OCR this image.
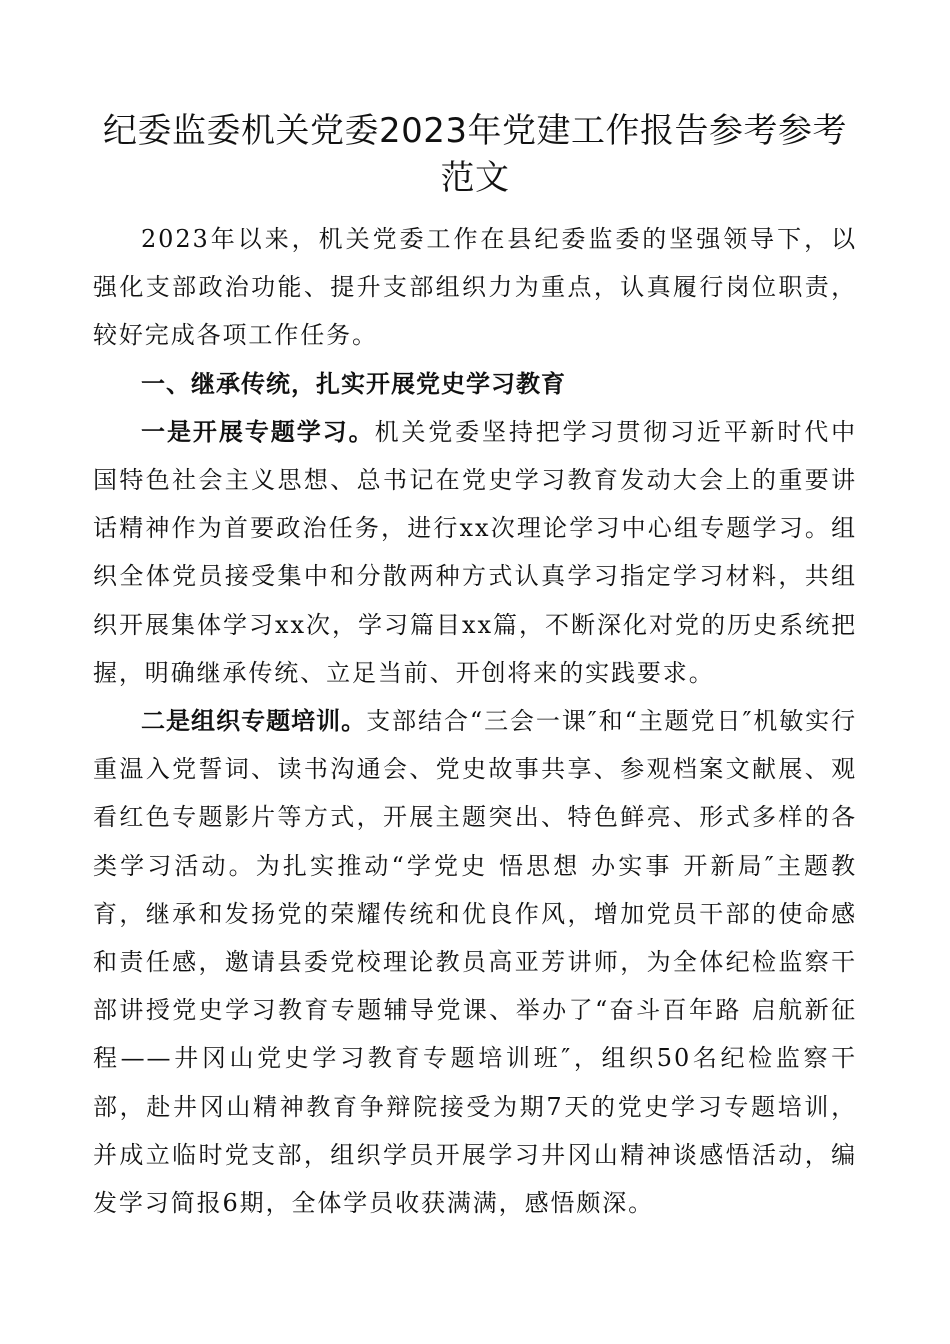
纪委监委机关党委2023年党建工作报告参考参考
范文

2023年以来，机关党委工作在县纪委监委的坚强领导下，以强化支部政治功能、提升支部组织力为重点，认真履行岗位职责，较好完成各项工作任务。

一、继承传统，扎实开展党史学习教育

一是开展专题学习。机关党委坚持把学习贯彻习近平新时代中国特色社会主义思想、总书记在党史学习教育发动大会上的重要讲话精神作为首要政治任务，进行xx次理论学习中心组专题学习。组织全体党员接受集中和分散两种方式认真学习指定学习材料，共组织开展集体学习xx次，学习篇目xx篇，不断深化对党的历史系统把握，明确继承传统、立足当前、开创将来的实践要求。

二是组织专题培训。支部结合“三会一课″和“主题党日″机敏实行重温入党誓词、读书沟通会、党史故事共享、参观档案文献展、观看红色专题影片等方式，开展主题突出、特色鲜亮、形式多样的各类学习活动。为扎实推动“学党史 悟思想 办实事 开新局″主题教育，继承和发扬党的荣耀传统和优良作风，增加党员干部的使命感和责任感，邀请县委党校理论教员高亚芳讲师，为全体纪检监察干部讲授党史学习教育专题辅导党课、举办了“奋斗百年路 启航新征程——井冈山党史学习教育专题培训班″，组织50名纪检监察干部，赴井冈山精神教育争辩院接受为期7天的党史学习专题培训，并成立临时党支部，组织学员开展学习井冈山精神谈感悟活动，编发学习简报6期，全体学员收获满满，感悟颇深。
